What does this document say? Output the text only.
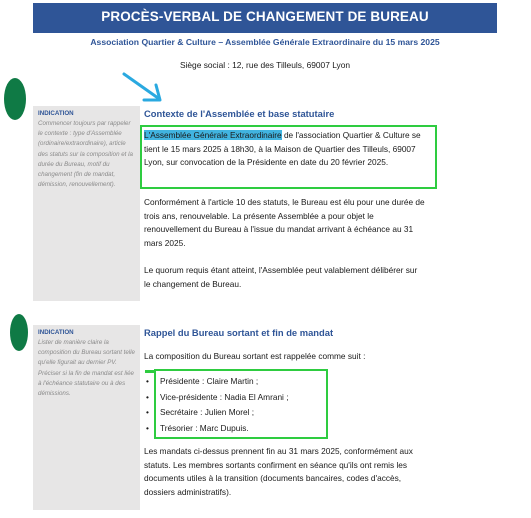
PROCÈS-VERBAL DE CHANGEMENT DE BUREAU
Association Quartier & Culture – Assemblée Générale Extraordinaire du 15 mars 2025
Siège social : 12, rue des Tilleuls, 69007 Lyon
INDICATION
Commencer toujours par rappeler le contexte : type d'Assemblée (ordinaire/extraordinaire), article des statuts sur la composition et la durée du Bureau, motif du changement (fin de mandat, démission, renouvellement).
Contexte de l'Assemblée et base statutaire
L'Assemblée Générale Extraordinaire de l'association Quartier & Culture se tient le 15 mars 2025 à 18h30, à la Maison de Quartier des Tilleuls, 69007 Lyon, sur convocation de la Présidente en date du 20 février 2025.
Conformément à l'article 10 des statuts, le Bureau est élu pour une durée de trois ans, renouvelable. La présente Assemblée a pour objet le renouvellement du Bureau à l'issue du mandat arrivant à échéance au 31 mars 2025.
Le quorum requis étant atteint, l'Assemblée peut valablement délibérer sur le changement de Bureau.
INDICATION
Lister de manière claire la composition du Bureau sortant telle qu'elle figurait au dernier PV. Préciser si la fin de mandat est liée à l'échéance statutaire ou à des démissions.
Rappel du Bureau sortant et fin de mandat
La composition du Bureau sortant est rappelée comme suit :
• Présidente : Claire Martin ;
• Vice-présidente : Nadia El Amrani ;
• Secrétaire : Julien Morel ;
• Trésorier : Marc Dupuis.
Les mandats ci-dessus prennent fin au 31 mars 2025, conformément aux statuts. Les membres sortants confirment en séance qu'ils ont remis les documents utiles à la transition (documents bancaires, codes d'accès, dossiers administratifs).
